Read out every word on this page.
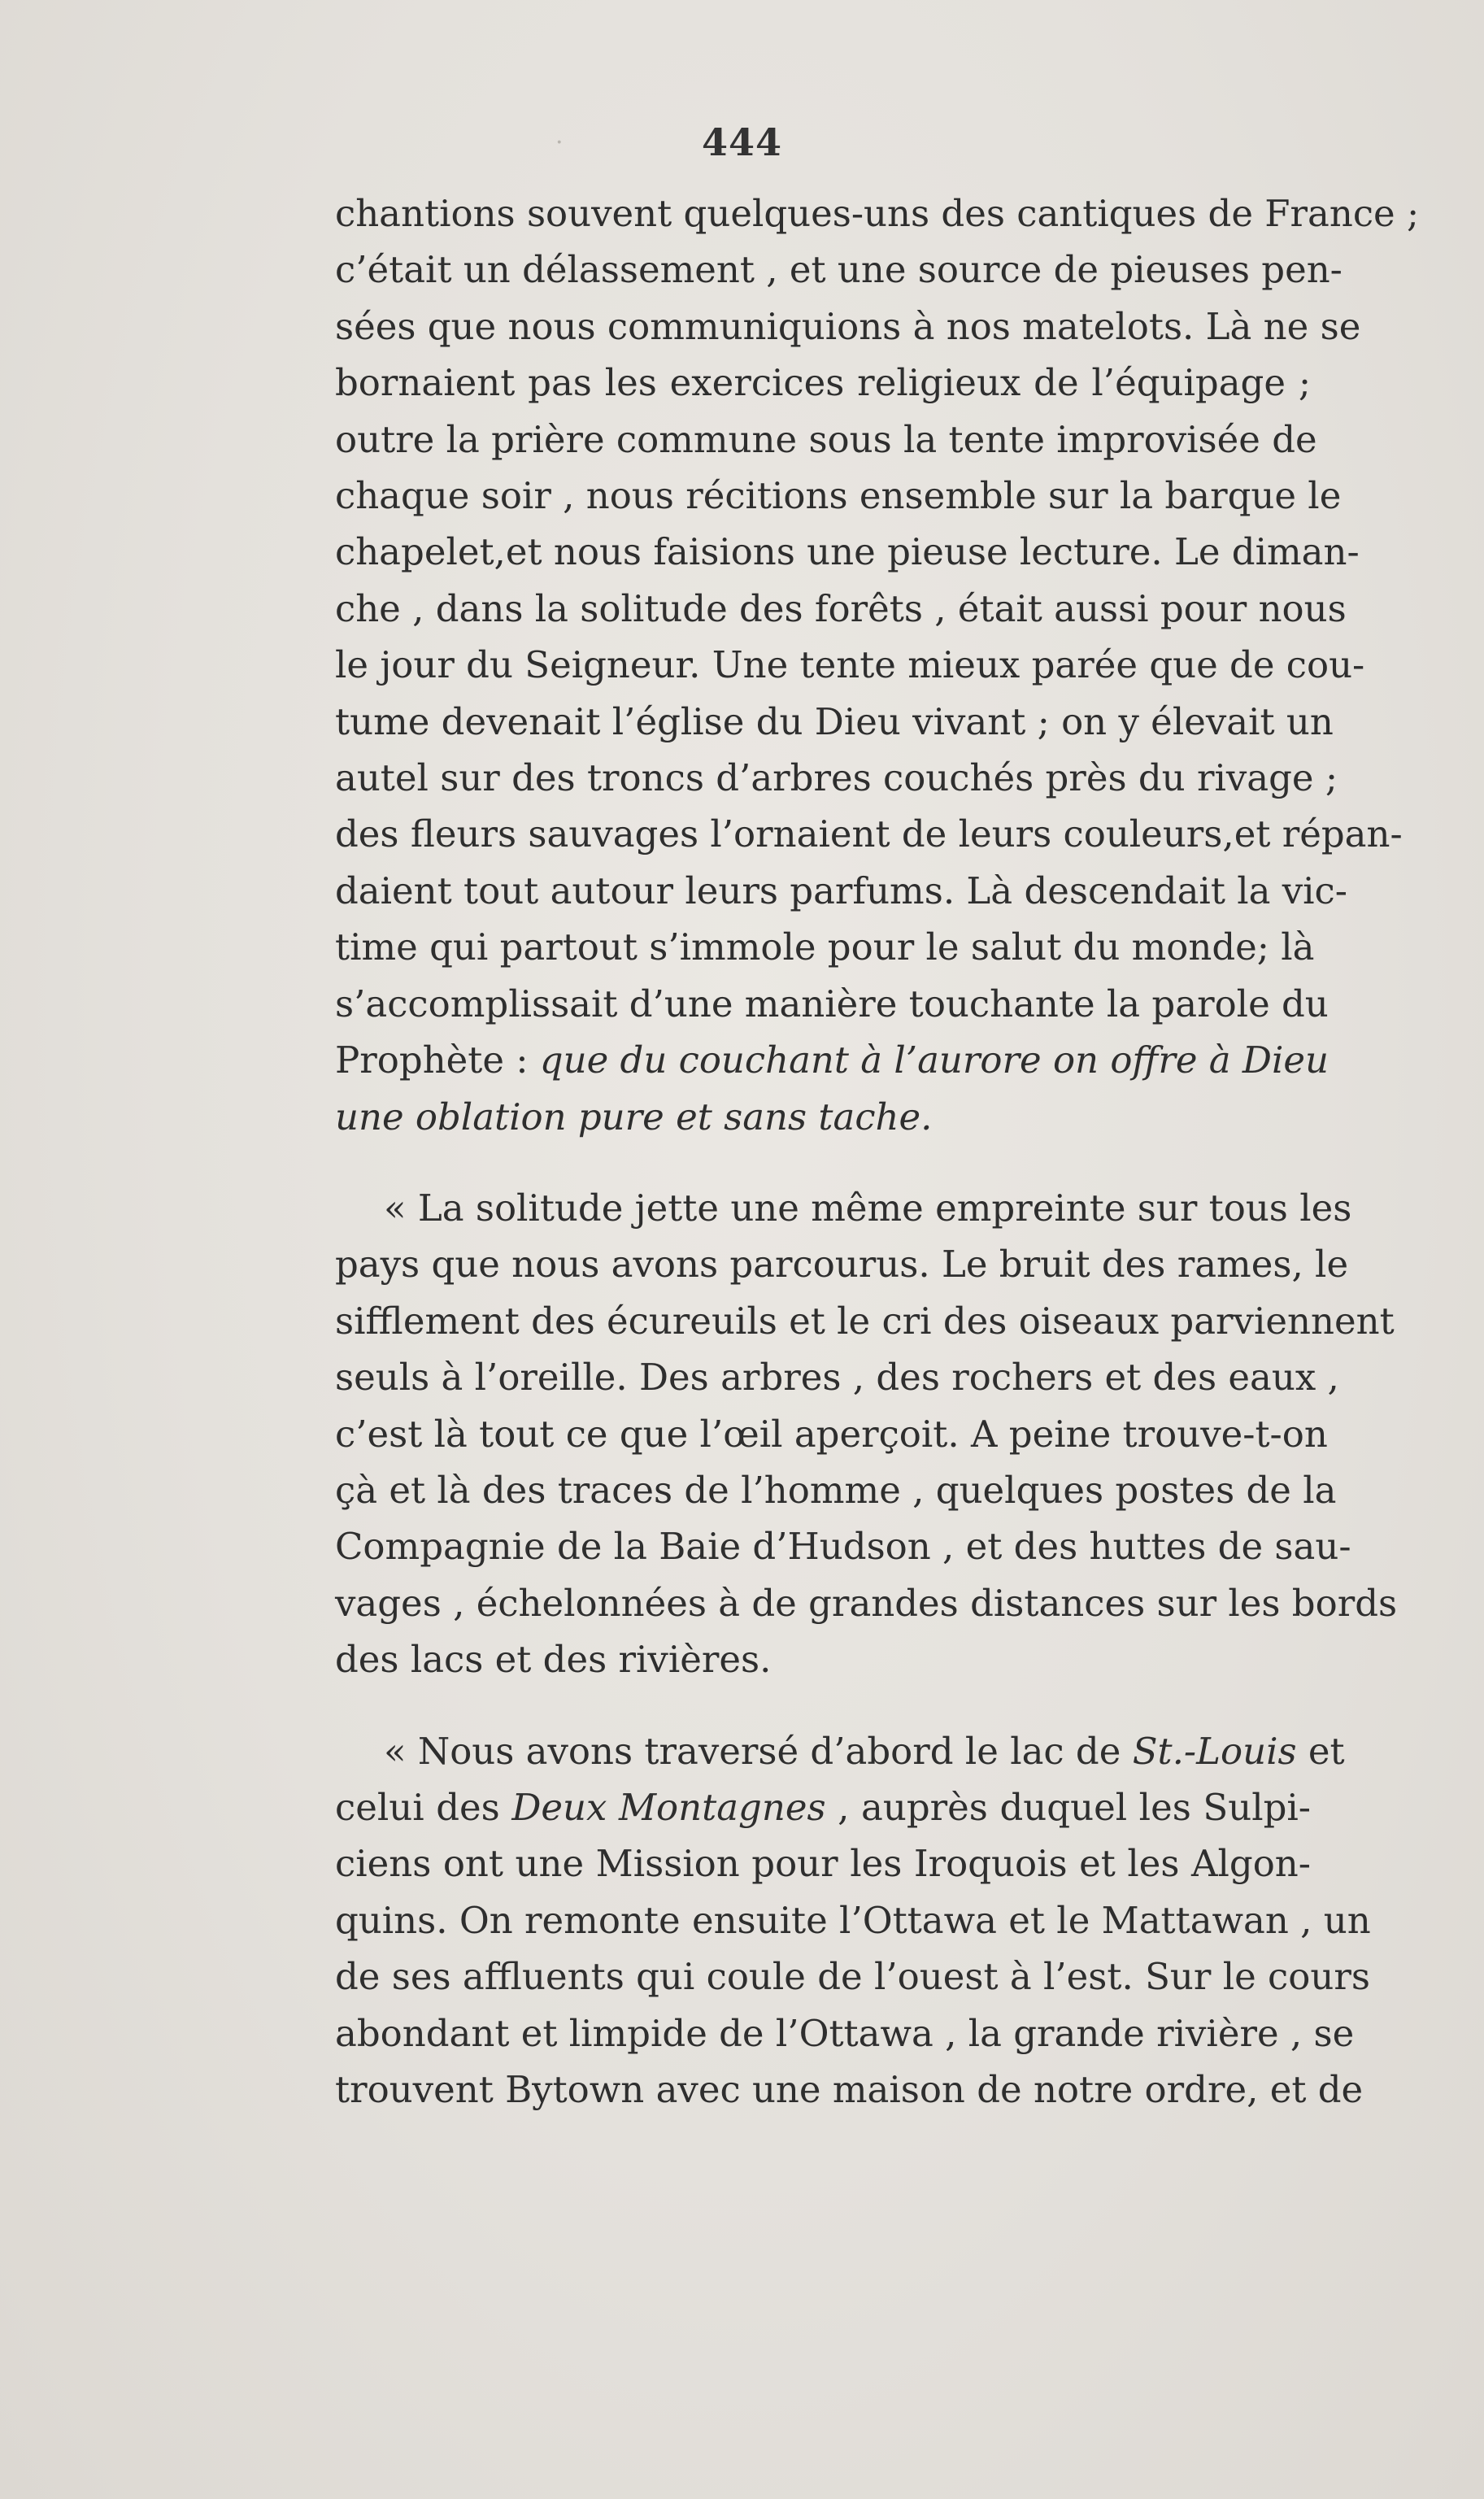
444
·
chantions souvent quelques-uns des cantiques de France ;
c’était un délassement , et une source de pieuses pen-
sées que nous communiquions à nos matelots. Là ne se
bornaient pas les exercices religieux de l’équipage ;
outre la prière commune sous la tente improvisée de
chaque soir , nous récitions ensemble sur la barque le
chapelet,et nous faisions une pieuse lecture. Le diman-
che , dans la solitude des forêts , était aussi pour nous
le jour du Seigneur. Une tente mieux parée que de cou-
tume devenait l’église du Dieu vivant ; on y élevait un
autel sur des troncs d’arbres couchés près du rivage ;
des fleurs sauvages l’ornaient de leurs couleurs,et répan-
daient tout autour leurs parfums. Là descendait la vic-
time qui partout s’immole pour le salut du monde; là
s’accomplissait d’une manière touchante la parole du
Prophète : que du couchant à l’aurore on offre à Dieu
une oblation pure et sans tache.
« La solitude jette une même empreinte sur tous les
pays que nous avons parcourus. Le bruit des rames, le
sifflement des écureuils et le cri des oiseaux parviennent
seuls à l’oreille. Des arbres , des rochers et des eaux ,
c’est là tout ce que l’œil aperçoit. A peine trouve-t-on
çà et là des traces de l’homme , quelques postes de la
Compagnie de la Baie d’Hudson , et des huttes de sau-
vages , échelonnées à de grandes distances sur les bords
des lacs et des rivières.
« Nous avons traversé d’abord le lac de St.-Louis et
celui des Deux Montagnes , auprès duquel les Sulpi-
ciens ont une Mission pour les Iroquois et les Algon-
quins. On remonte ensuite l’Ottawa et le Mattawan , un
de ses affluents qui coule de l’ouest à l’est. Sur le cours
abondant et limpide de l’Ottawa , la grande rivière , se
trouvent Bytown avec une maison de notre ordre, et de
